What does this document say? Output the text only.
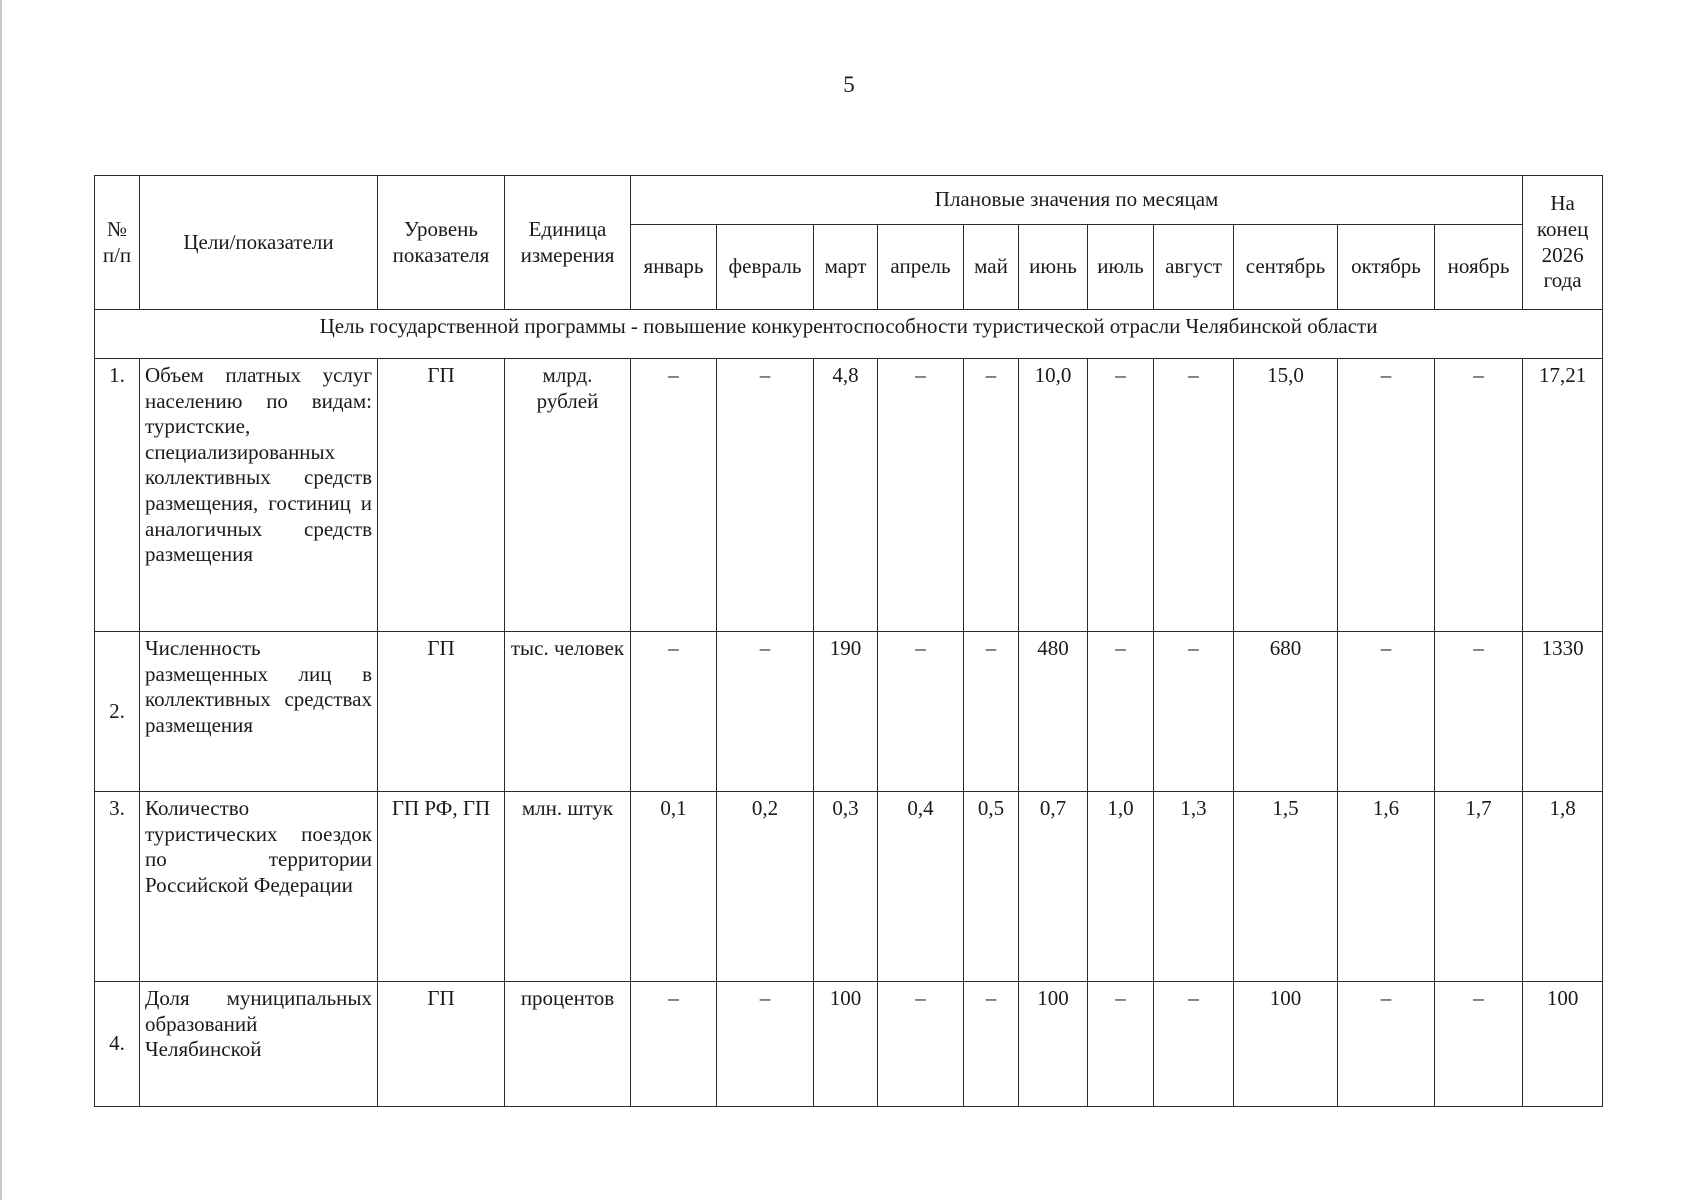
5
№ п/п	Цели/показатели	Уровень показателя	Единица измерения	Плановые значения по месяцам											На конец 2026 года
				январь	февраль	март	апрель	май	июнь	июль	август	сентябрь	октябрь	ноябрь	
Цель государственной программы - повышение конкурентоспособности туристической отрасли Челябинской области															
1.	Объем платных услуг населению по видам: туристские, специализированных коллективных средств размещения, гостиниц и аналогичных средств размещения	ГП	млрд. рублей	–	–	4,8	–	–	10,0	–	–	15,0	–	–	17,21
2.	Численность размещенных лиц в коллективных средствах размещения	ГП	тыс. человек	–	–	190	–	–	480	–	–	680	–	–	1330
3.	Количество туристических поездок по территории Российской Федерации	ГП РФ, ГП	млн. штук	0,1	0,2	0,3	0,4	0,5	0,7	1,0	1,3	1,5	1,6	1,7	1,8
4.	Доля муниципальных образований Челябинской	ГП	процентов	–	–	100	–	–	100	–	–	100	–	–	100
